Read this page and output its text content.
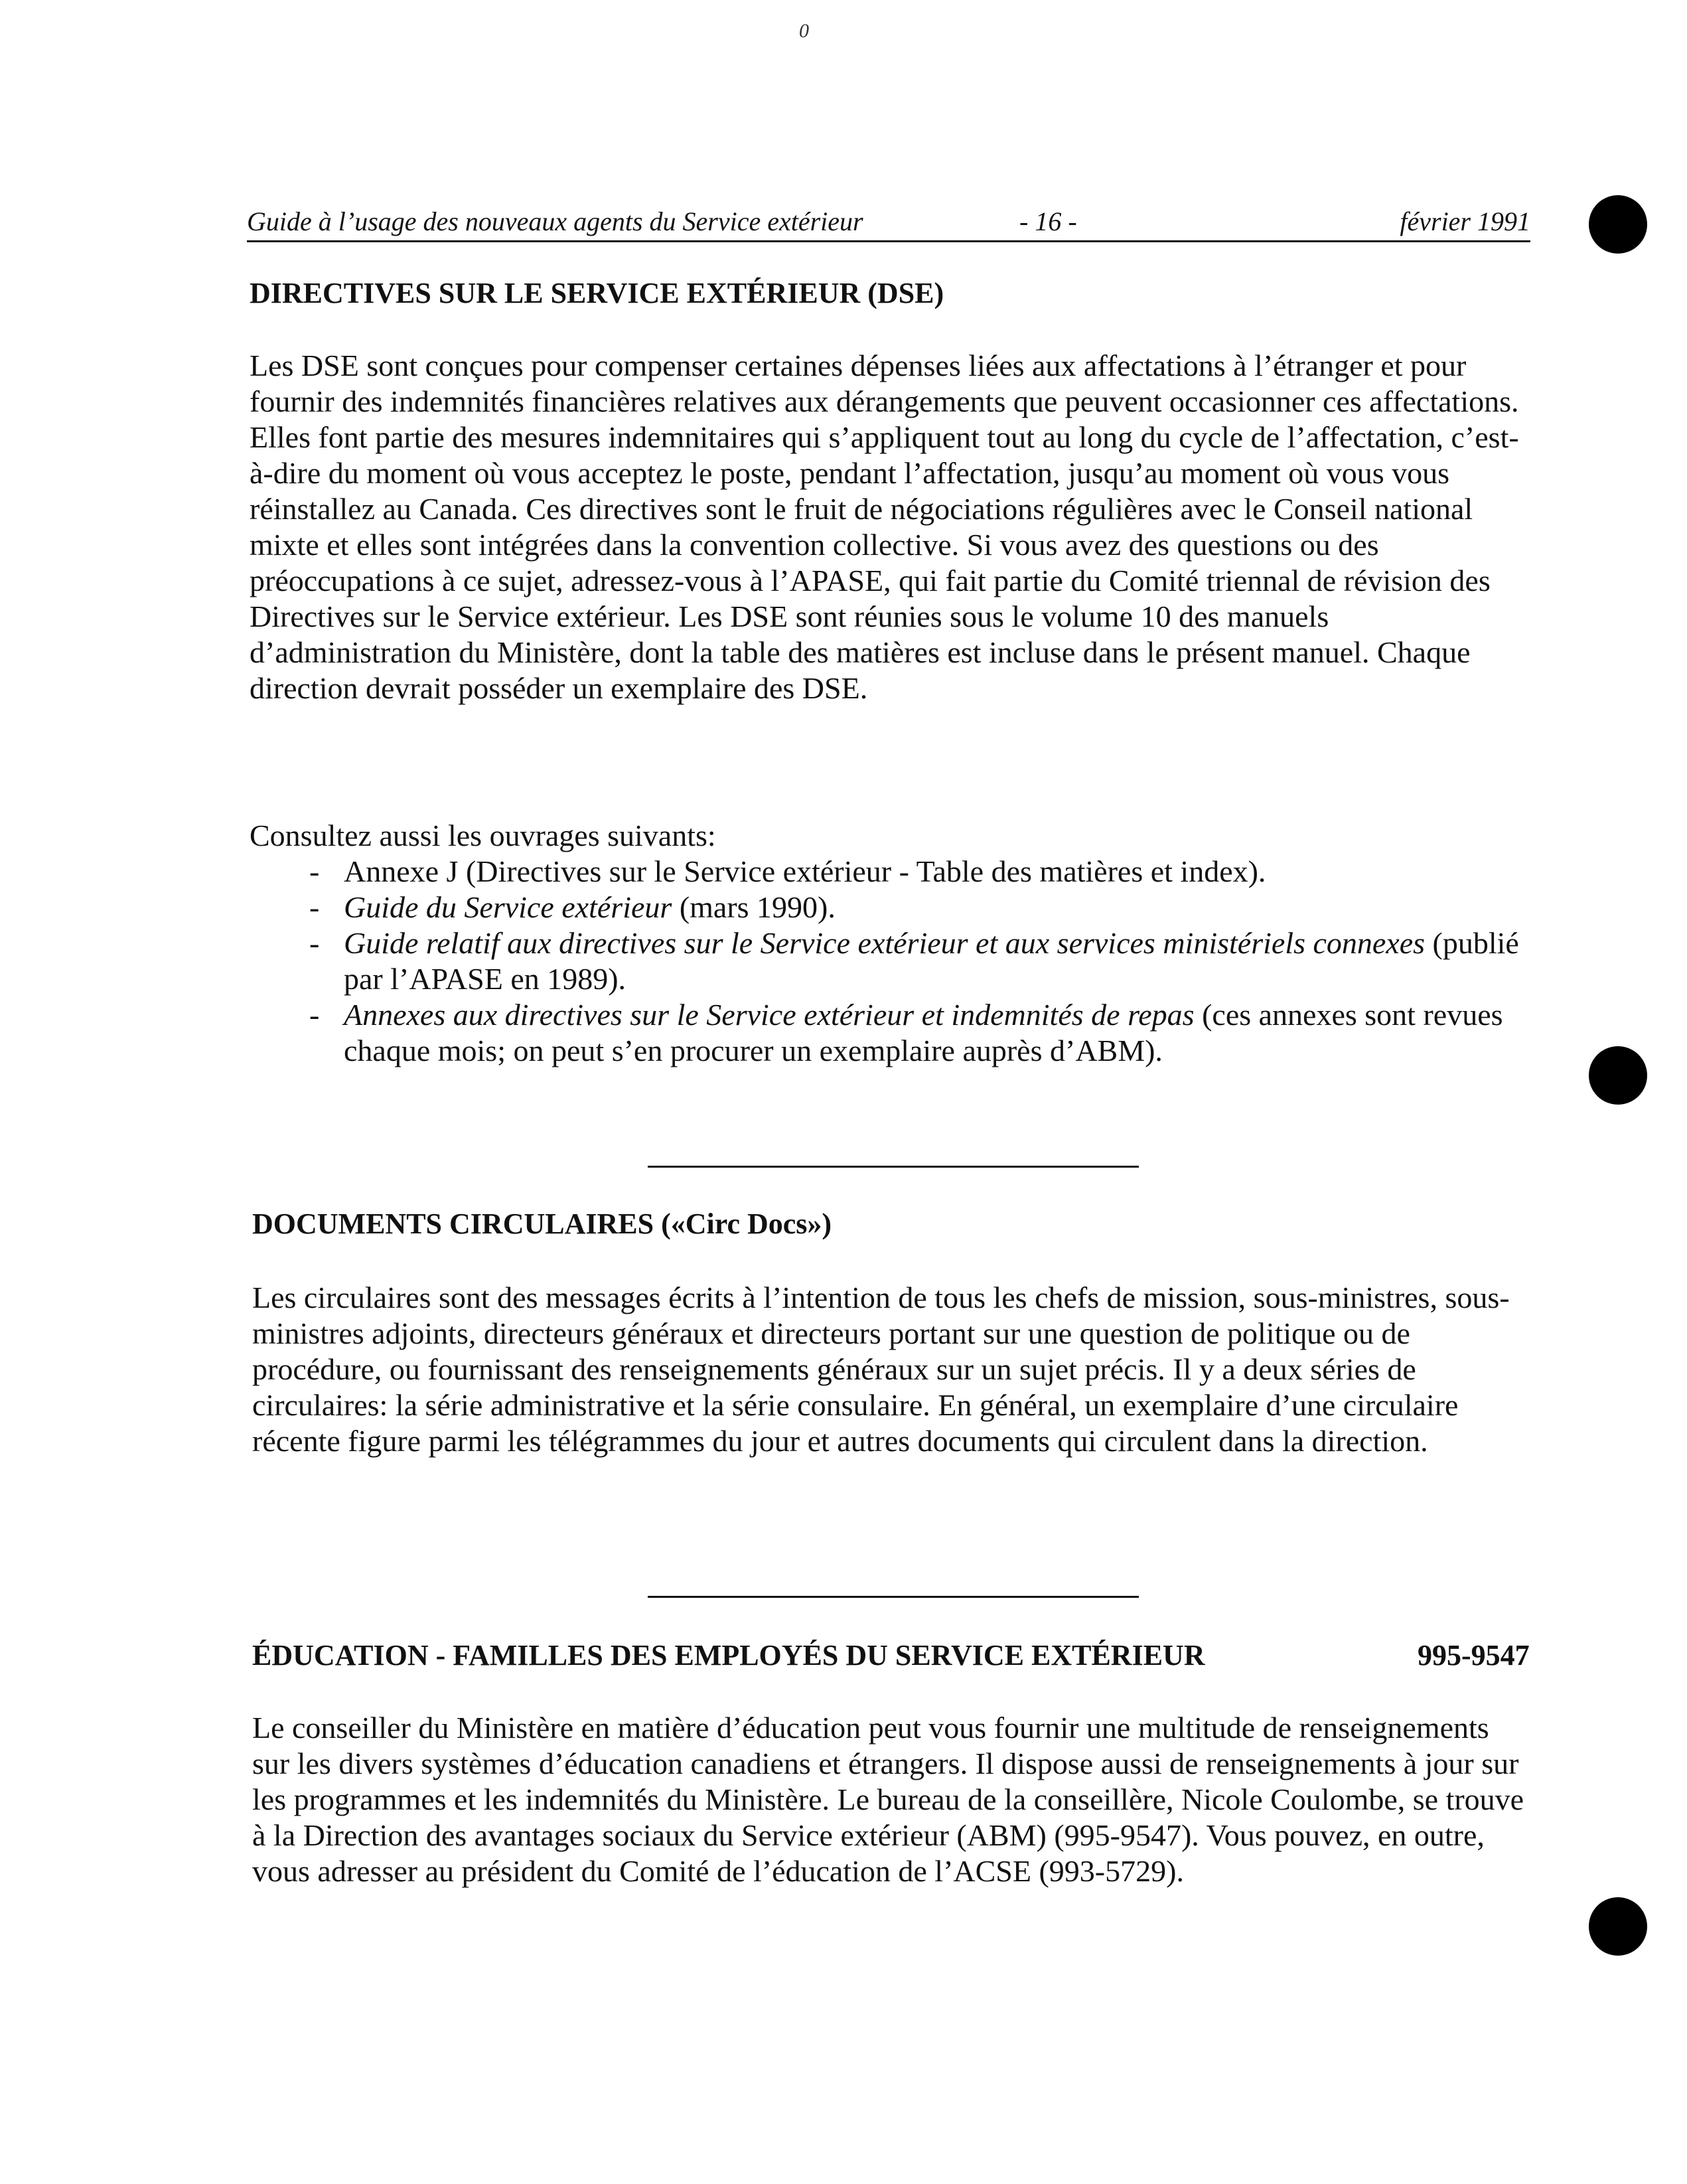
0
Guide à l’usage des nouveaux agents du Service extérieur	- 16 -	février 1991
DIRECTIVES SUR LE SERVICE EXTÉRIEUR (DSE)

Les DSE sont conçues pour compenser certaines dépenses liées aux affectations à l’étranger et pour fournir des indemnités financières relatives aux dérangements que peuvent occasionner ces affectations. Elles font partie des mesures indemnitaires qui s’appliquent tout au long du cycle de l’affectation, c’est-à-dire du moment où vous acceptez le poste, pendant l’affectation, jusqu’au moment où vous vous réinstallez au Canada. Ces directives sont le fruit de négociations régulières avec le Conseil national mixte et elles sont intégrées dans la convention collective. Si vous avez des questions ou des préoccupations à ce sujet, adressez-vous à l’APASE, qui fait partie du Comité triennal de révision des Directives sur le Service extérieur. Les DSE sont réunies sous le volume 10 des manuels d’administration du Ministère, dont la table des matières est incluse dans le présent manuel. Chaque direction devrait posséder un exemplaire des DSE.

Consultez aussi les ouvrages suivants:

- Annexe J (Directives sur le Service extérieur - Table des matières et index).
- Guide du Service extérieur (mars 1990).
- Guide relatif aux directives sur le Service extérieur et aux services ministériels connexes (publié par l’APASE en 1989).
- Annexes aux directives sur le Service extérieur et indemnités de repas (ces annexes sont revues chaque mois; on peut s’en procurer un exemplaire auprès d’ABM).
DOCUMENTS CIRCULAIRES («Circ Docs»)

Les circulaires sont des messages écrits à l’intention de tous les chefs de mission, sous-ministres, sous-ministres adjoints, directeurs généraux et directeurs portant sur une question de politique ou de procédure, ou fournissant des renseignements généraux sur un sujet précis. Il y a deux séries de circulaires: la série administrative et la série consulaire. En général, un exemplaire d’une circulaire récente figure parmi les télégrammes du jour et autres documents qui circulent dans la direction.

ÉDUCATION - FAMILLES DES EMPLOYÉS DU SERVICE EXTÉRIEUR	995-9547

Le conseiller du Ministère en matière d’éducation peut vous fournir une multitude de renseignements sur les divers systèmes d’éducation canadiens et étrangers. Il dispose aussi de renseignements à jour sur les programmes et les indemnités du Ministère. Le bureau de la conseillère, Nicole Coulombe, se trouve à la Direction des avantages sociaux du Service extérieur (ABM) (995-9547). Vous pouvez, en outre, vous adresser au président du Comité de l’éducation de l’ACSE (993-5729).
